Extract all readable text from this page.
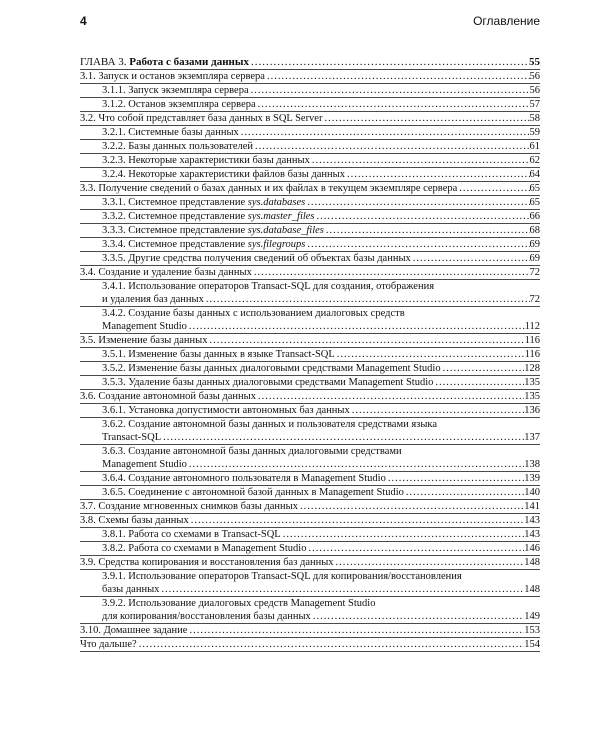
4	Оглавление
ГЛАВА 3. Работа с базами данных .....	55
3.1. Запуск и останов экземпляра сервера .....	56
3.1.1. Запуск экземпляра сервера .....	56
3.1.2. Останов экземпляра сервера .....	57
3.2. Что собой представляет база данных в SQL Server .....	58
3.2.1. Системные базы данных .....	59
3.2.2. Базы данных пользователей .....	61
3.2.3. Некоторые характеристики базы данных .....	62
3.2.4. Некоторые характеристики файлов базы данных .....	64
3.3. Получение сведений о базах данных и их файлах в текущем экземпляре сервера .....	65
3.3.1. Системное представление sys.databases .....	65
3.3.2. Системное представление sys.master_files .....	66
3.3.3. Системное представление sys.database_files .....	68
3.3.4. Системное представление sys.filegroups .....	69
3.3.5. Другие средства получения сведений об объектах базы данных .....	69
3.4. Создание и удаление базы данных .....	72
3.4.1. Использование операторов Transact-SQL для создания, отображения
и удаления баз данных .....	72
3.4.2. Создание базы данных с использованием диалоговых средств
Management Studio .....	112
3.5. Изменение базы данных .....	116
3.5.1. Изменение базы данных в языке Transact-SQL .....	116
3.5.2. Изменение базы данных диалоговыми средствами Management Studio .....	128
3.5.3. Удаление базы данных диалоговыми средствами Management Studio .....	135
3.6. Создание автономной базы данных .....	135
3.6.1. Установка допустимости автономных баз данных .....	136
3.6.2. Создание автономной базы данных и пользователя средствами языка
Transact-SQL .....	137
3.6.3. Создание автономной базы данных диалоговыми средствами
Management Studio .....	138
3.6.4. Создание автономного пользователя в Management Studio .....	139
3.6.5. Соединение с автономной базой данных в Management Studio .....	140
3.7. Создание мгновенных снимков базы данных .....	141
3.8. Схемы базы данных .....	143
3.8.1. Работа со схемами в Transact-SQL .....	143
3.8.2. Работа со схемами в Management Studio .....	146
3.9. Средства копирования и восстановления баз данных .....	148
3.9.1. Использование операторов Transact-SQL для копирования/восстановления
базы данных .....	148
3.9.2. Использование диалоговых средств Management Studio
для копирования/восстановления базы данных .....	149
3.10. Домашнее задание .....	153
Что дальше? .....	154
